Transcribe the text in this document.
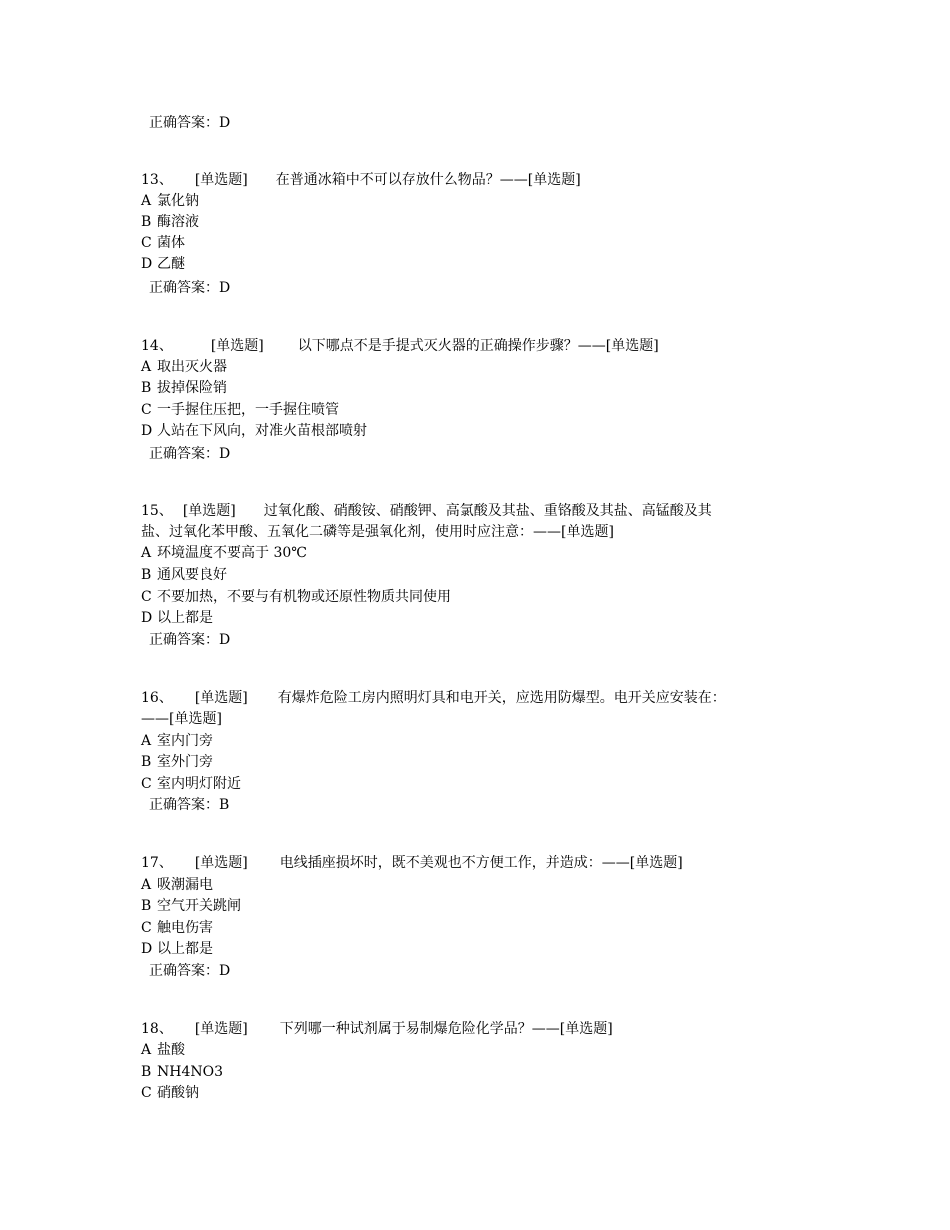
正确答案：D
13、 [单选题] 在普通冰箱中不可以存放什么物品？——[单选题]
A 氯化钠
B 酶溶液
C 菌体
D 乙醚
正确答案：D
14、	[单选题] 以下哪点不是手提式灭火器的正确操作步骤？——[单选题]
A 取出灭火器
B 拔掉保险销
C 一手握住压把，一手握住喷管
D 人站在下风向，对准火苗根部喷射
正确答案：D
15、 [单选题] 过氧化酸、硝酸铵、硝酸钾、高氯酸及其盐、重铬酸及其盐、高锰酸及其
盐、过氧化苯甲酸、五氧化二磷等是强氧化剂，使用时应注意：——[单选题]
A 环境温度不要高于 30℃
B 通风要良好
C 不要加热，不要与有机物或还原性物质共同使用
D 以上都是
正确答案：D
16、 [单选题] 有爆炸危险工房内照明灯具和电开关，应选用防爆型。电开关应安装在：
——[单选题]
A 室内门旁
B 室外门旁
C 室内明灯附近
正确答案：B
17、 [单选题] 电线插座损坏时，既不美观也不方便工作，并造成：——[单选题]
A 吸潮漏电
B 空气开关跳闸
C 触电伤害
D 以上都是
正确答案：D
18、 [单选题] 下列哪一种试剂属于易制爆危险化学品？——[单选题]
A 盐酸
B NH4NO3
C 硝酸钠
